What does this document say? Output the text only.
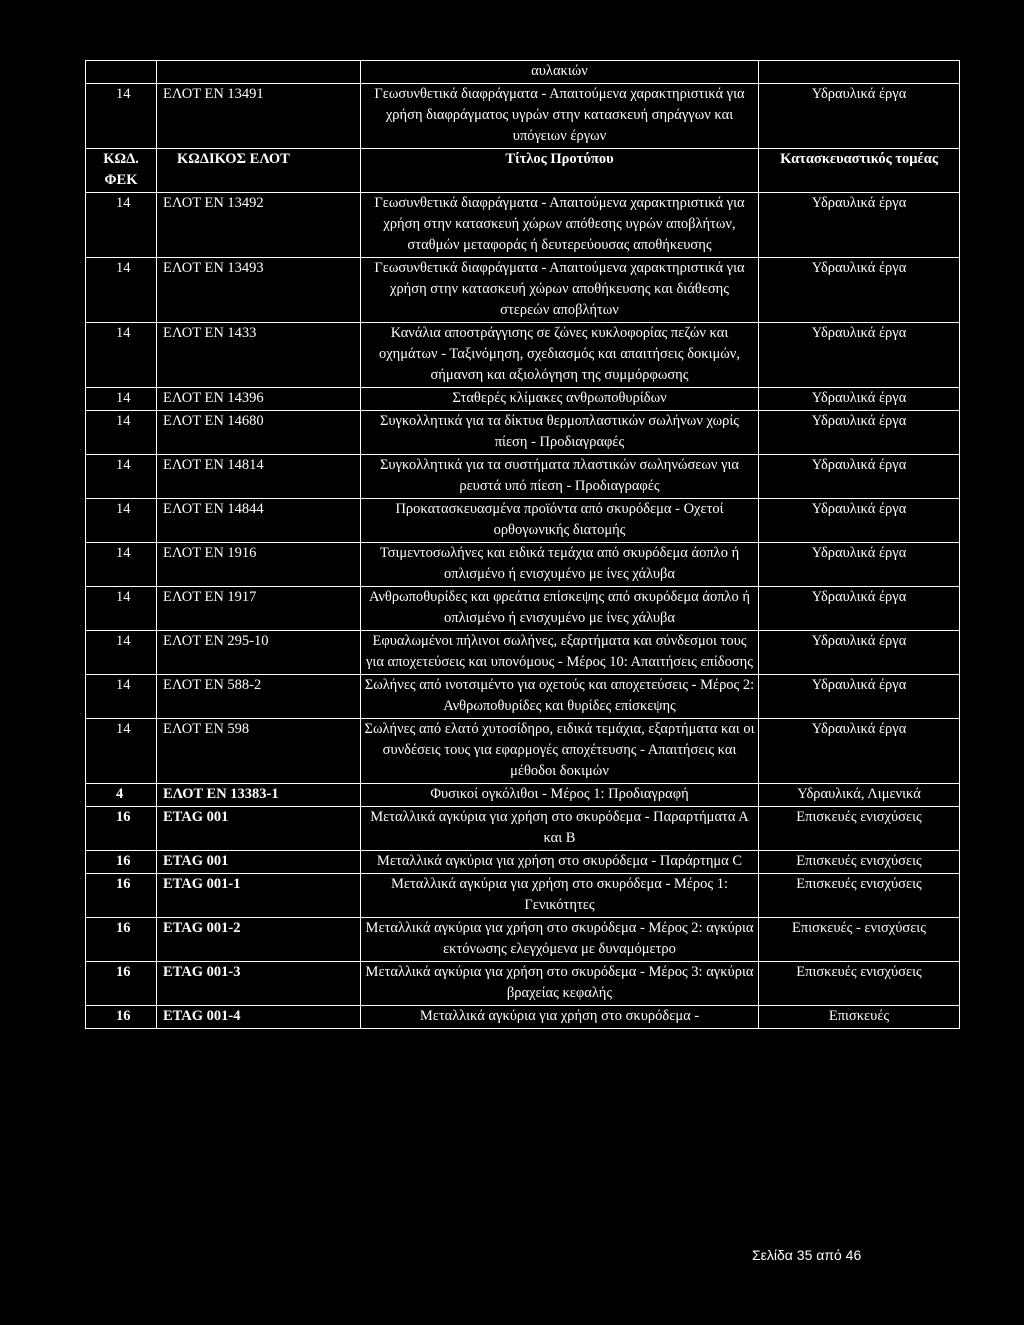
		αυλακιών	
14	ΕΛΟΤ ΕΝ 13491	Γεωσυνθετικά διαφράγματα - Απαιτούμενα χαρακτηριστικά για χρήση διαφράγματος υγρών στην κατασκευή σηράγγων και υπόγειων έργων	Υδραυλικά έργα
ΚΩΔ. ΦΕΚ	ΚΩΔΙΚΟΣ ΕΛΟΤ	Τίτλος Προτύπου	Κατασκευαστικός τομέας
14	ΕΛΟΤ ΕΝ 13492	Γεωσυνθετικά διαφράγματα - Απαιτούμενα χαρακτηριστικά για χρήση στην κατασκευή χώρων απόθεσης υγρών αποβλήτων, σταθμών μεταφοράς ή δευτερεύουσας αποθήκευσης	Υδραυλικά έργα
14	ΕΛΟΤ ΕΝ 13493	Γεωσυνθετικά διαφράγματα - Απαιτούμενα χαρακτηριστικά για χρήση στην κατασκευή χώρων αποθήκευσης και διάθεσης στερεών αποβλήτων	Υδραυλικά έργα
14	ΕΛΟΤ ΕΝ 1433	Κανάλια αποστράγγισης σε ζώνες κυκλοφορίας πεζών και οχημάτων - Ταξινόμηση, σχεδιασμός και απαιτήσεις δοκιμών, σήμανση και αξιολόγηση της συμμόρφωσης	Υδραυλικά έργα
14	ΕΛΟΤ ΕΝ 14396	Σταθερές κλίμακες ανθρωποθυρίδων	Υδραυλικά έργα
14	ΕΛΟΤ ΕΝ 14680	Συγκολλητικά για τα δίκτυα θερμοπλαστικών σωλήνων χωρίς πίεση - Προδιαγραφές	Υδραυλικά έργα
14	ΕΛΟΤ ΕΝ 14814	Συγκολλητικά για τα συστήματα πλαστικών σωληνώσεων για ρευστά υπό πίεση - Προδιαγραφές	Υδραυλικά έργα
14	ΕΛΟΤ ΕΝ 14844	Προκατασκευασμένα προϊόντα από σκυρόδεμα - Οχετοί ορθογωνικής διατομής	Υδραυλικά έργα
14	ΕΛΟΤ ΕΝ 1916	Τσιμεντοσωλήνες και ειδικά τεμάχια από σκυρόδεμα άοπλο ή οπλισμένο ή ενισχυμένο με ίνες χάλυβα	Υδραυλικά έργα
14	ΕΛΟΤ ΕΝ 1917	Ανθρωποθυρίδες και φρεάτια επίσκεψης από σκυρόδεμα άοπλο ή οπλισμένο ή ενισχυμένο με ίνες χάλυβα	Υδραυλικά έργα
14	ΕΛΟΤ ΕΝ 295-10	Εφυαλωμένοι πήλινοι σωλήνες, εξαρτήματα και σύνδεσμοι τους για αποχετεύσεις και υπονόμους - Μέρος 10: Απαιτήσεις επίδοσης	Υδραυλικά έργα
14	ΕΛΟΤ ΕΝ 588-2	Σωλήνες από ινοτσιμέντο για οχετούς και αποχετεύσεις - Μέρος 2: Ανθρωποθυρίδες και θυρίδες επίσκεψης	Υδραυλικά έργα
14	ΕΛΟΤ ΕΝ 598	Σωλήνες από ελατό χυτοσίδηρο, ειδικά τεμάχια, εξαρτήματα και οι συνδέσεις τους για εφαρμογές αποχέτευσης - Απαιτήσεις και μέθοδοι δοκιμών	Υδραυλικά έργα
4	ΕΛΟΤ ΕΝ 13383-1	Φυσικοί ογκόλιθοι - Μέρος 1: Προδιαγραφή	Υδραυλικά, Λιμενικά
16	ETAG 001	Μεταλλικά αγκύρια για χρήση στο σκυρόδεμα - Παραρτήματα Α και Β	Επισκευές ενισχύσεις
16	ETAG 001	Μεταλλικά αγκύρια για χρήση στο σκυρόδεμα - Παράρτημα C	Επισκευές ενισχύσεις
16	ETAG 001-1	Μεταλλικά αγκύρια για χρήση στο σκυρόδεμα - Μέρος 1: Γενικότητες	Επισκευές ενισχύσεις
16	ETAG 001-2	Μεταλλικά αγκύρια για χρήση στο σκυρόδεμα - Μέρος 2: αγκύρια εκτόνωσης ελεγχόμενα με δυναμόμετρο	Επισκευές - ενισχύσεις
16	ETAG 001-3	Μεταλλικά αγκύρια για χρήση στο σκυρόδεμα - Μέρος 3: αγκύρια βραχείας κεφαλής	Επισκευές ενισχύσεις
16	ETAG 001-4	Μεταλλικά αγκύρια για χρήση στο σκυρόδεμα -	Επισκευές
Σελίδα 35 από 46
